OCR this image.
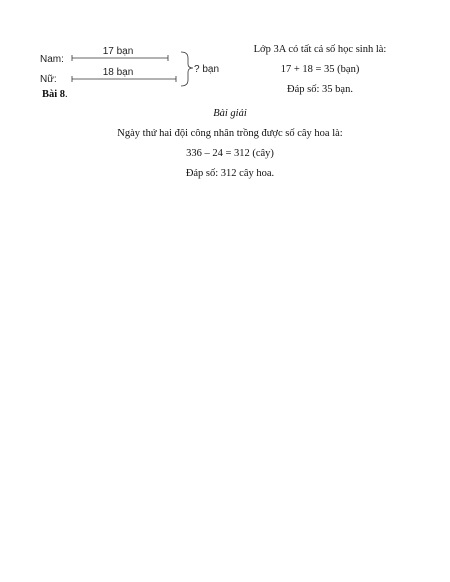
Nam:
Nữ:
17 bạn
18 bạn	? bạn
Lớp 3A có tất cả số học sinh là:
17 + 18 = 35 (bạn)
Đáp số: 35 bạn.
Bài 8.
Bài giải
Ngày thứ hai đội công nhân trồng được số cây hoa là:
336 – 24 = 312 (cây)
Đáp số: 312 cây hoa.
